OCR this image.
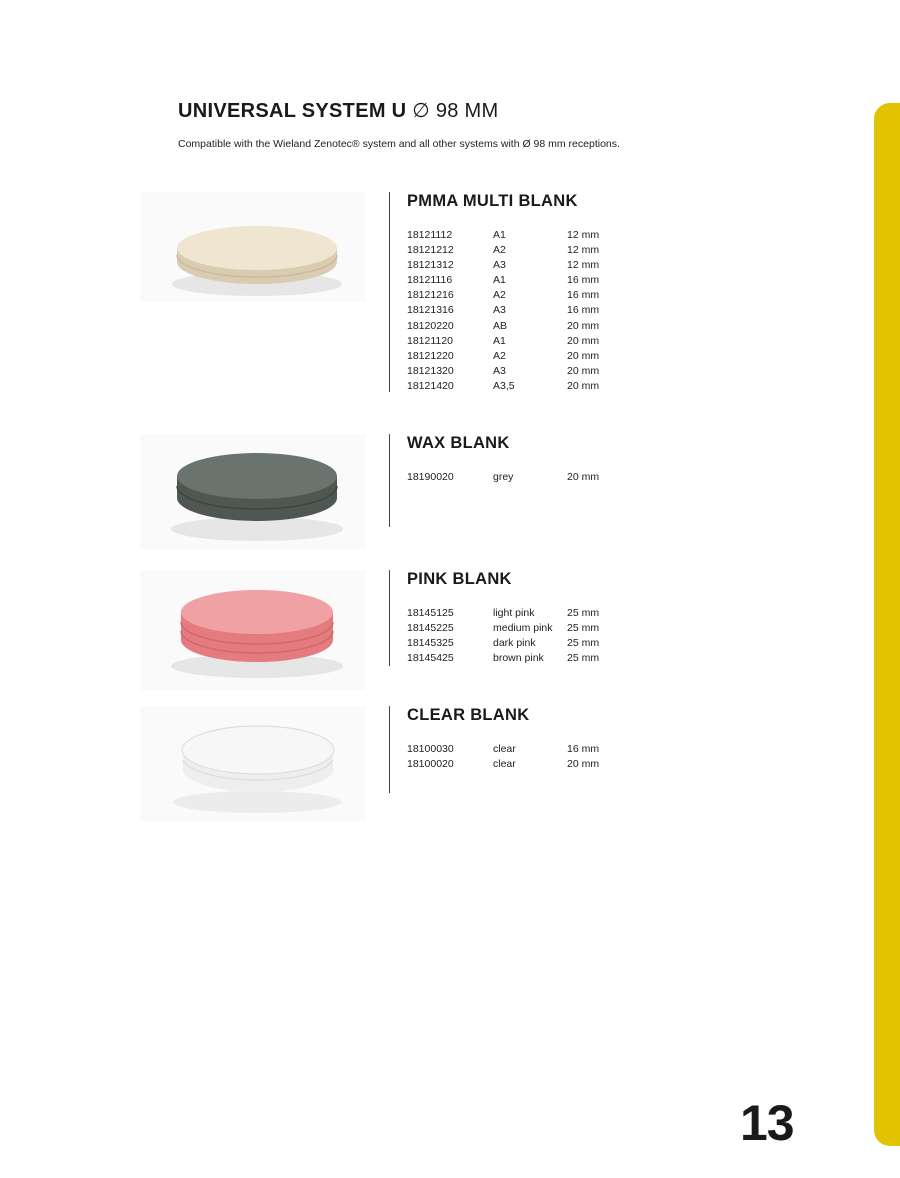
UNIVERSAL SYSTEM U ∅ 98 MM
Compatible with the Wieland Zenotec® system and all other systems with Ø 98 mm receptions.
PMMA MULTI BLANK
18121112	A1	12 mm
18121212	A2	12 mm
18121312	A3	12 mm
18121116	A1	16 mm
18121216	A2	16 mm
18121316	A3	16 mm
18120220	AB	20 mm
18121120	A1	20 mm
18121220	A2	20 mm
18121320	A3	20 mm
18121420	A3,5	20 mm
WAX BLANK
18190020	grey	20 mm
PINK BLANK
18145125	light pink	25 mm
18145225	medium pink	25 mm
18145325	dark pink	25 mm
18145425	brown pink	25 mm
CLEAR BLANK
18100030	clear	16 mm
18100020	clear	20 mm
13
